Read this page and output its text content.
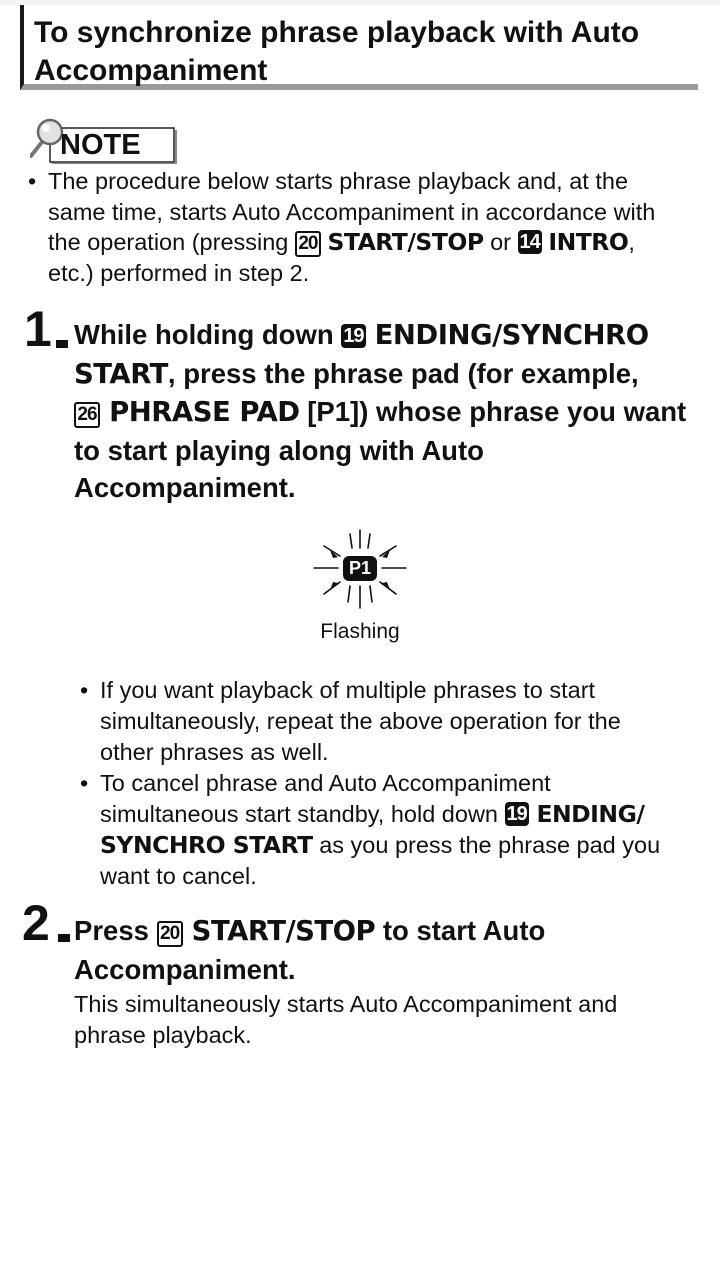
To synchronize phrase playback with Auto
Accompaniment
NOTE
• The procedure below starts phrase playback and, at the
same time, starts Auto Accompaniment in accordance with
the operation (pressing 20 START/STOP or 14 INTRO,
etc.) performed in step 2.
1 While holding down 19 ENDING/SYNCHRO
START, press the phrase pad (for example,
26 PHRASE PAD [P1]) whose phrase you want
to start playing along with Auto
Accompaniment.
P1
Flashing
• If you want playback of multiple phrases to start
simultaneously, repeat the above operation for the
other phrases as well.
• To cancel phrase and Auto Accompaniment
simultaneous start standby, hold down 19 ENDING/
SYNCHRO START as you press the phrase pad you
want to cancel.
2 Press 20 START/STOP to start Auto
Accompaniment.
This simultaneously starts Auto Accompaniment and
phrase playback.
